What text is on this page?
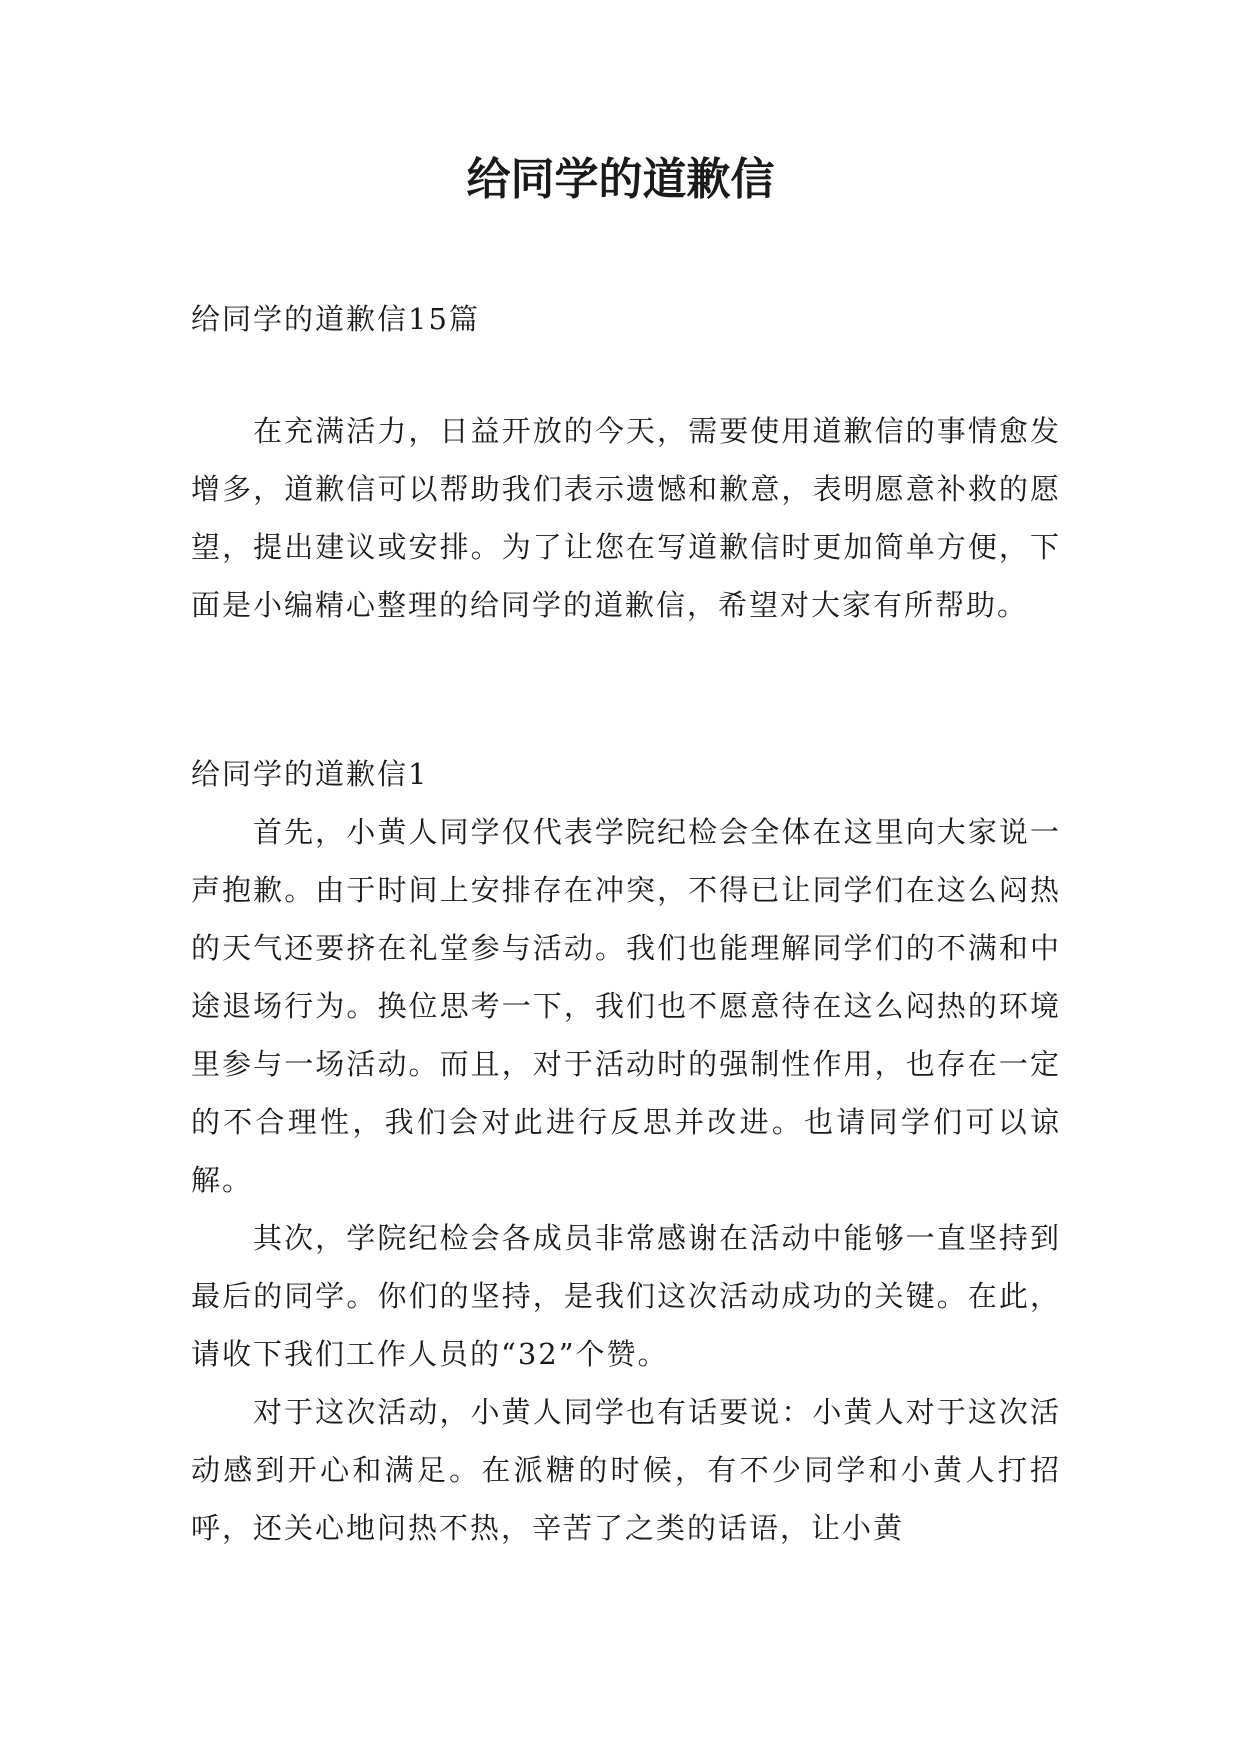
给同学的道歉信

给同学的道歉信15篇

在充满活力，日益开放的今天，需要使用道歉信的事情愈发增多，道歉信可以帮助我们表示遗憾和歉意，表明愿意补救的愿望，提出建议或安排。为了让您在写道歉信时更加简单方便，下面是小编精心整理的给同学的道歉信，希望对大家有所帮助。

给同学的道歉信1

首先，小黄人同学仅代表学院纪检会全体在这里向大家说一声抱歉。由于时间上安排存在冲突，不得已让同学们在这么闷热的天气还要挤在礼堂参与活动。我们也能理解同学们的不满和中途退场行为。换位思考一下，我们也不愿意待在这么闷热的环境里参与一场活动。而且，对于活动时的强制性作用，也存在一定的不合理性，我们会对此进行反思并改进。也请同学们可以谅解。

其次，学院纪检会各成员非常感谢在活动中能够一直坚持到最后的同学。你们的坚持，是我们这次活动成功的关键。在此，请收下我们工作人员的“32”个赞。

对于这次活动，小黄人同学也有话要说：小黄人对于这次活动感到开心和满足。在派糖的时候，有不少同学和小黄人打招呼，还关心地问热不热，辛苦了之类的话语，让小黄
